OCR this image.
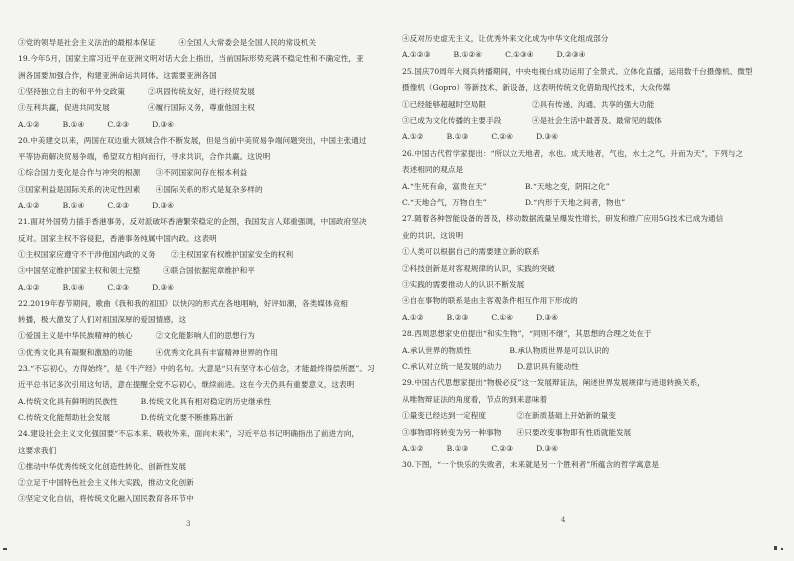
③党的领导是社会主义法治的最根本保证　　　④全国人大常委会是全国人民的常设机关
19.今年5月，国家主席习近平在亚洲文明对话大会上指出，当前国际形势充满不稳定性和不确定性，亚
洲各国要加强合作，构建亚洲命运共同体。这需要亚洲各国
①坚持独立自主的和平外交政策　　　②巩固传统友好，进行经贸发展
③互利共赢，促进共同发展　　　　　④履行国际义务，尊重他国主权
A.①②　　　B.①④　　　C.②③　　　D.③④
20.中美建交以来，两国在双边重大领域合作不断发展，但是当前中美贸易争端问题突出，中国主张通过
平等协商解决贸易争端，希望双方相向而行，寻求共识，合作共赢。这说明
①综合国力变化是合作与冲突的根源　　③不同国家间存在根本利益
③国家利益是国际关系的决定性因素　　④国际关系的形式是复杂多样的
A.①②　　　B.①④　　　C.②③　　　D.③④
21.面对外国势力插手香港事务，反对派破坏香港繁荣稳定的企图，我国发言人郑重强调，中国政府坚决
反对。国家主权不容侵犯，香港事务纯属中国内政。这表明
①主权国家应遵守不干涉他国内政的义务　　②主权国家有权维护国家安全的权利
③中国坚定维护国家主权和领土完整　　　④联合国依据宪章维护和平
A.①②　　　B.①④　　　C.②③　　　D.③④
22.2019年春节期间，歌曲《我和我的祖国》以快闪的形式在各地唱响，好评如潮，各类媒体竞相
转播，极大激发了人们对祖国深厚的爱国情感，这
①爱国主义是中华民族精神的核心　　　②文化能影响人们的思想行为
③优秀文化具有凝聚和激励的功能　　　④优秀文化具有丰富精神世界的作用
23.“不忘初心，方得始终”，是《牛产经》中的名句。大意是“只有坚守本心信念，才能最终得偿所愿”。习
近平总书记多次引用这句话，意在提醒全党不忘初心，继续前进。这在今天仍具有重要意义，这表明
A.传统文化具有鲜明的民族性　　　B.传统文化具有相对稳定的历史继承性
C.传统文化能帮助社会发展　　　　D.传统文化要不断推陈出新
24.建设社会主义文化强国要“不忘本来、吸收外来、面向未来”，习近平总书记明确指出了前进方向，
这要求我们
①推动中华优秀传统文化创造性转化、创新性发展
②立足于中国特色社会主义伟大实践，推动文化创新
③坚定文化自信，将传统文化融入国民教育各环节中
3
④反对历史虚无主义，让优秀外来文化成为中华文化组成部分
A.①②③　　　B.①②④　　　C.①③④　　　D.②③④
25.国庆70周年大阅兵转播期间，中央电视台成功运用了全景式、立体化直播，运用数千台摄像机、微型
摄像机（Gopro）等新技术、新设备，这表明传统文化借助现代技术，大众传媒
①已经能够超越时空局限　　　　　　②具有传递、沟通、共享的强大功能
③已成为文化传播的主要手段　　　　④是社会生活中最普及、最常见的载体
A.①②　　　B.①③　　　C.②④　　　D.③④
26.中国古代哲学家提出：“所以立天地者，水也。成天地者，气也，水土之气，升而为天”，下列与之
表述相同的观点是
A.“生死有命，富贵在天”　　　　　B.“天地之变，阴阳之化”
C.“天地合气，万物自生”　　　　　D.“内形于天地之间者，物也”
27.随着各种智能设备的普及，移动数据流量呈爆发性增长，研发和推广应用5G技术已成为通信
业的共识。这说明
①人类可以根据自己的需要建立新的联系
②科技创新是对客观规律的认识，实践的突破
③实践的需要推动人的认识不断发展
④自在事物的联系是由主客观条件相互作用下形成的
A.①②　　　B.②③　　　C.①④　　　D.③④
28.西周思想家史伯提出“和实生物”，“同则不继”，其思想的合理之处在于
A.承认世界的物质性　　　　　B.承认物质世界是可以认识的
C.承认对立统一是发展的动力　　D.意识具有能动性
29.中国古代思想家提出“物极必反”这一发展辩证法，阐述世界发展规律与进退转换关系，
从唯物辩证法的角度看，节点的到来意味着
①量变已经达到一定程度　　　　②在新质基础上开始新的量变
③事物即将转变为另一种事物　　④只要改变事物即有性质就能发展
A.①②　　　B.①③　　　C.②③　　　D.③④
30.下图，“一个快乐的失败者，未来就是另一个胜利者”所蕴含的哲学寓意是
4
